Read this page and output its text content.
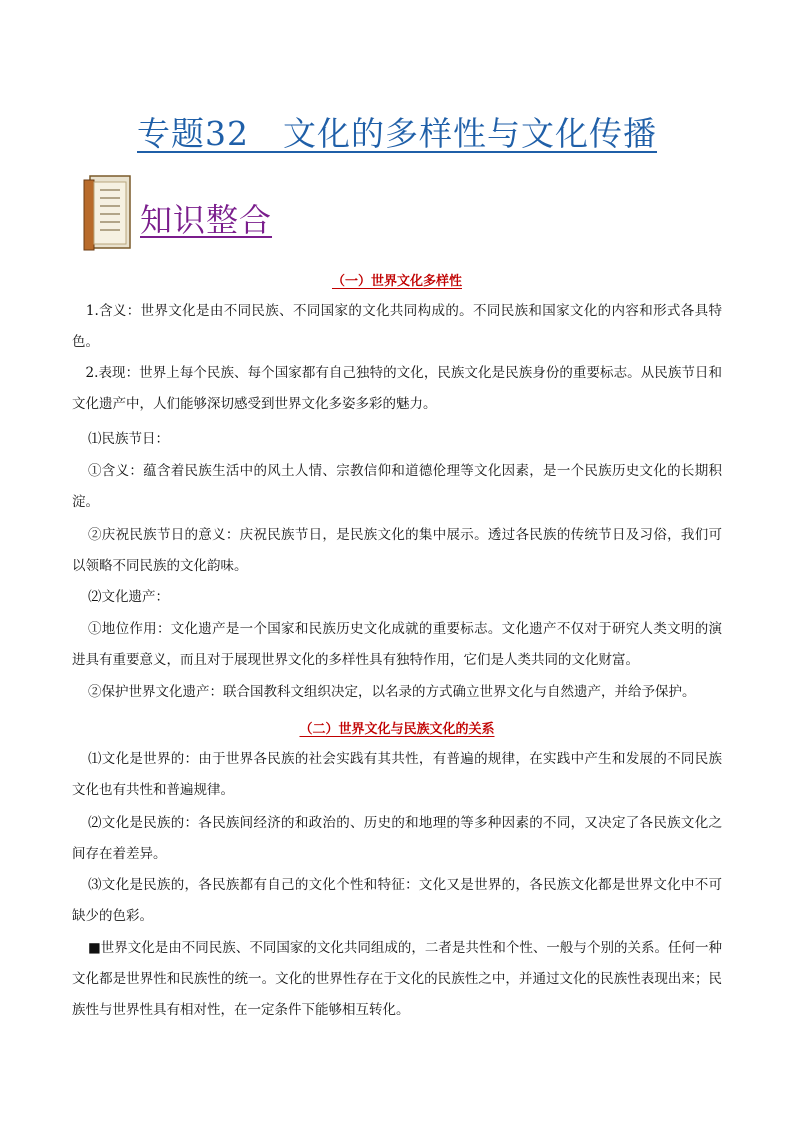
专题32　文化的多样性与文化传播
知识整合
（一）世界文化多样性
　1.含义：世界文化是由不同民族、不同国家的文化共同构成的。不同民族和国家文化的内容和形式各具特色。
　2.表现：世界上每个民族、每个国家都有自己独特的文化，民族文化是民族身份的重要标志。从民族节日和文化遗产中，人们能够深切感受到世界文化多姿多彩的魅力。
⑴民族节日：
①含义：蕴含着民族生活中的风土人情、宗教信仰和道德伦理等文化因素，是一个民族历史文化的长期积淀。
②庆祝民族节日的意义：庆祝民族节日，是民族文化的集中展示。透过各民族的传统节日及习俗，我们可以领略不同民族的文化韵味。
⑵文化遗产：
①地位作用：文化遗产是一个国家和民族历史文化成就的重要标志。文化遗产不仅对于研究人类文明的演进具有重要意义，而且对于展现世界文化的多样性具有独特作用，它们是人类共同的文化财富。
②保护世界文化遗产：联合国教科文组织决定，以名录的方式确立世界文化与自然遗产，并给予保护。
（二）世界文化与民族文化的关系
⑴文化是世界的：由于世界各民族的社会实践有其共性，有普遍的规律，在实践中产生和发展的不同民族文化也有共性和普遍规律。
⑵文化是民族的：各民族间经济的和政治的、历史的和地理的等多种因素的不同，又决定了各民族文化之间存在着差异。
⑶文化是民族的，各民族都有自己的文化个性和特征：文化又是世界的，各民族文化都是世界文化中不可缺少的色彩。
■世界文化是由不同民族、不同国家的文化共同组成的，二者是共性和个性、一般与个别的关系。任何一种文化都是世界性和民族性的统一。文化的世界性存在于文化的民族性之中，并通过文化的民族性表现出来；民族性与世界性具有相对性，在一定条件下能够相互转化。
